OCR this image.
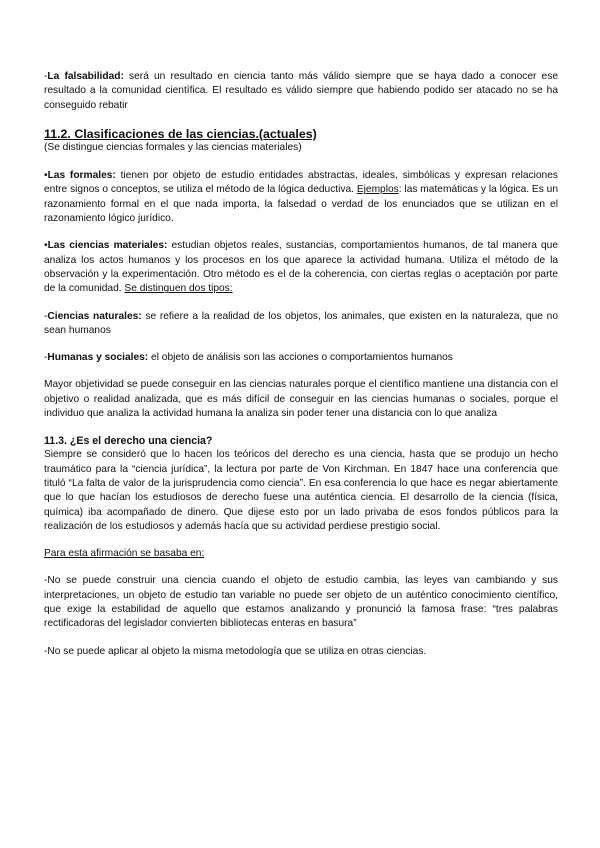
-La falsabilidad: será un resultado en ciencia tanto más válido siempre que se haya dado a conocer ese resultado a la comunidad científica. El resultado es válido siempre que habiendo podido ser atacado no se ha conseguido rebatir

11.2. Clasificaciones de las ciencias.(actuales)

(Se distingue ciencias formales y las ciencias materiales)

•Las formales: tienen por objeto de estudio entidades abstractas, ideales, simbólicas y expresan relaciones entre signos o conceptos, se utiliza el método de la lógica deductiva. Ejemplos: las matemáticas y la lógica. Es un razonamiento formal en el que nada importa, la falsedad o verdad de los enunciados que se utilizan en el razonamiento lógico jurídico.

•Las ciencias materiales: estudian objetos reales, sustancias, comportamientos humanos, de tal manera que analiza los actos humanos y los procesos en los que aparece la actividad humana. Utiliza el método de la observación y la experimentación. Otro método es el de la coherencia, con ciertas reglas o aceptación por parte de la comunidad. Se distinguen dos tipos:

-Ciencias naturales: se refiere a la realidad de los objetos, los animales, que existen en la naturaleza, que no sean humanos

-Humanas y sociales: el objeto de análisis son las acciones o comportamientos humanos

Mayor objetividad se puede conseguir en las ciencias naturales porque el científico mantiene una distancia con el objetivo o realidad analizada, que es más difícil de conseguir en las ciencias humanas o sociales, porque el individuo que analiza la actividad humana la analiza sin poder tener una distancia con lo que analiza

11.3. ¿Es el derecho una ciencia?

Siempre se consideró que lo hacen los teóricos del derecho es una ciencia, hasta que se produjo un hecho traumático para la “ciencia jurídica”, la lectura por parte de Von Kirchman. En 1847 hace una conferencia que tituló “La falta de valor de la jurisprudencia como ciencia”. En esa conferencia lo que hace es negar abiertamente que lo que hacían los estudiosos de derecho fuese una auténtica ciencia. El desarrollo de la ciencia (física, química) iba acompañado de dinero. Que dijese esto por un lado privaba de esos fondos públicos para la realización de los estudiosos y además hacía que su actividad perdiese prestigio social.

Para esta afirmación se basaba en:

-No se puede construir una ciencia cuando el objeto de estudio cambia, las leyes van cambiando y sus interpretaciones, un objeto de estudio tan variable no puede ser objeto de un auténtico conocimiento científico, que exige la estabilidad de aquello que estamos analizando y pronunció la famosa frase: “tres palabras rectificadoras del legislador convierten bibliotecas enteras en basura”

-No se puede aplicar al objeto la misma metodología que se utiliza en otras ciencias.
